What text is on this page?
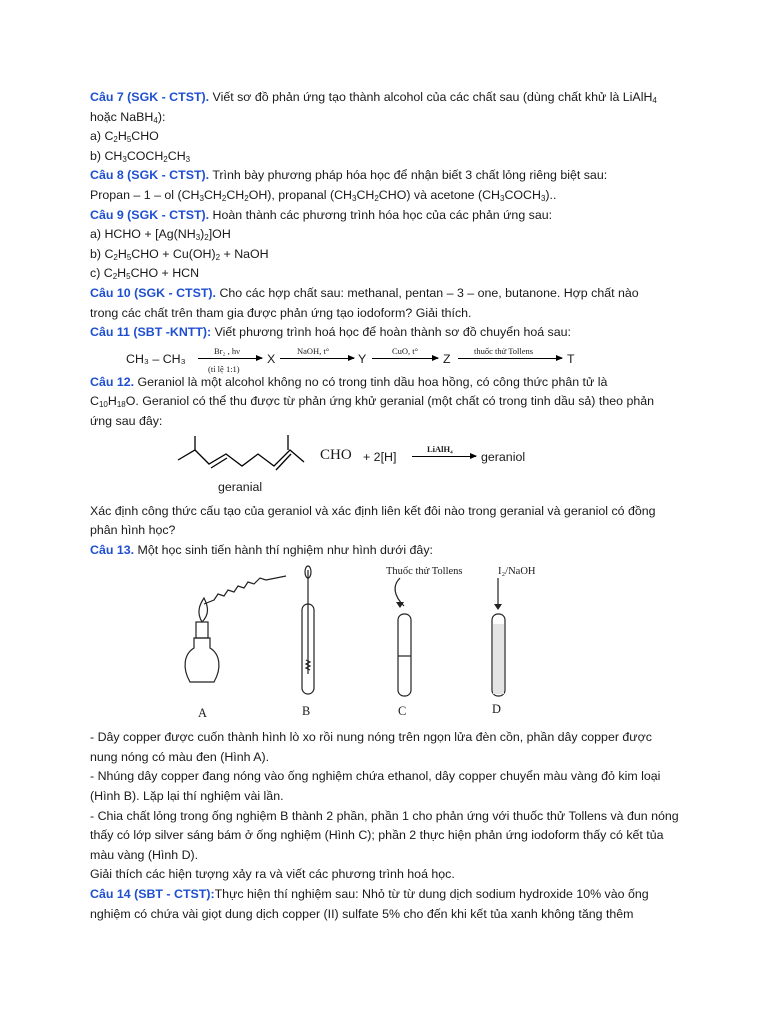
Câu 7 (SGK - CTST). Viết sơ đồ phản ứng tạo thành alcohol của các chất sau (dùng chất khử là LiAlH$_4$
hoặc NaBH$_4$):
a) $C_2H_5CHO$
b) $CH_3COCH_2CH_3$
Câu 8 (SGK - CTST). Trình bày phương pháp hóa học để nhận biết 3 chất lỏng riêng biệt sau:
Propan – 1 – ol $(CH_3CH_2CH_2OH)$, propanal $(CH_3CH_2CHO)$ và acetone $(CH_3COCH_3)$..
Câu 9 (SGK - CTST). Hoàn thành các phương trình hóa học của các phản ứng sau:
a) HCHO + $[Ag(NH_3)_2]OH$
b) $C_2H_5CHO + Cu(OH)_2$ + NaOH
c) $C_2H_5CHO$ + HCN
Câu 10 (SGK - CTST). Cho các hợp chất sau: methanal, pentan – 3 – one, butanone. Hợp chất nào
trong các chất trên tham gia được phản ứng tạo iodoform? Giải thích.
Câu 11 (SBT -KNTT): Viết phương trình hoá học để hoàn thành sơ đồ chuyển hoá sau:
CH₃ – CH₃
Br₂ , hν
(tỉ lệ 1:1)
X
NaOH, t°
Y
CuO, t°
Z
thuốc thử Tollens
T
Câu 12. Geraniol là một alcohol không no có trong tinh dầu hoa hồng, có công thức phân tử là
$C_{10}H_{18}O$. Geraniol có thể thu được từ phản ứng khử geranial (một chất có trong tinh dầu sả) theo phản
ứng sau đây:
CHO + 2[H]
LiAlH₄
geraniol
geranial
Xác định công thức cấu tạo của geraniol và xác định liên kết đôi nào trong geranial và geraniol có đồng phân hình học?
Câu 13. Một học sinh tiến hành thí nghiệm như hình dưới đây:
Thuốc thử Tollens	I₂/NaOH
A	B	C	D
- Dây copper được cuốn thành hình lò xo rồi nung nóng trên ngọn lửa đèn cồn, phần dây copper được nung nóng có màu đen (Hình A).
- Nhúng dây copper đang nóng vào ống nghiệm chứa ethanol, dây copper chuyển màu vàng đỏ kim loại (Hình B). Lặp lại thí nghiệm vài lần.
- Chia chất lỏng trong ống nghiệm B thành 2 phần, phần 1 cho phản ứng với thuốc thử Tollens và đun nóng thấy có lớp silver sáng bám ở ống nghiệm (Hình C); phần 2 thực hiện phản ứng iodoform thấy có kết tủa màu vàng (Hình D).
Giải thích các hiện tượng xảy ra và viết các phương trình hoá học.
Câu 14 (SBT - CTST):Thực hiện thí nghiệm sau: Nhỏ từ từ dung dịch sodium hydroxide 10% vào ống nghiệm có chứa vài giọt dung dịch copper (II) sulfate 5% cho đến khi kết tủa xanh không tăng thêm
